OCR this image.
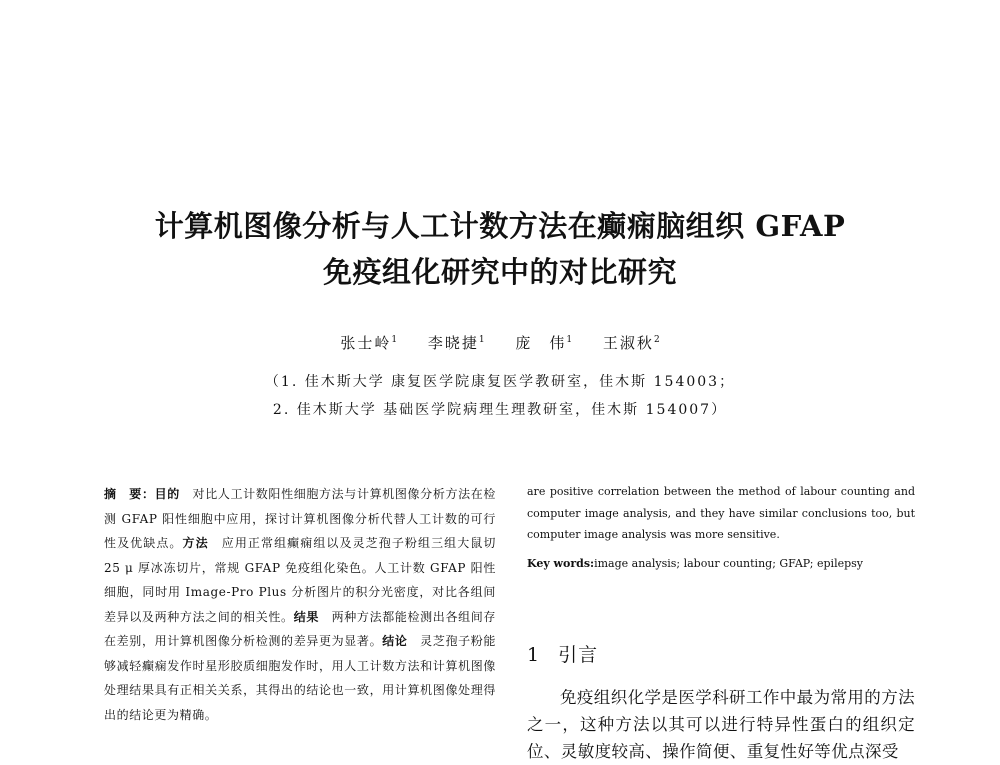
计算机图像分析与人工计数方法在癫痫脑组织 GFAP
免疫组化研究中的对比研究
张士岭$^1$ 李晓捷$^1$ 庞　伟$^1$ 王淑秋$^2$
（1. 佳木斯大学 康复医学院康复医学教研室，佳木斯 154003；
2. 佳木斯大学 基础医学院病理生理教研室，佳木斯 154007）
摘　要：目的　 对比人工计数阳性细胞方法与计算机图像分析方法在检测 GFAP 阳性细胞中应用，探讨计算机图像分析代替人工计数的可行性及优缺点。方法　 应用正常组癫痫组以及灵芝孢子粉组三组大鼠切 25 μ 厚冰冻切片，常规 GFAP 免疫组化染色。人工计数 GFAP 阳性细胞，同时用 Image-Pro Plus 分析图片的积分光密度，对比各组间差异以及两种方法之间的相关性。结果　 两种方法都能检测出各组间存在差别，用计算机图像分析检测的差异更为显著。结论　 灵芝孢子粉能够减轻癫痫发作时星形胶质细胞发作时，用人工计数方法和计算机图像处理结果具有正相关关系，其得出的结论也一致，用计算机图像处理得出的结论更为精确。
are positive correlation between the method of labour counting and computer image analysis, and they have similar conclusions too, but computer image analysis was more sensitive.
Key words:image analysis; labour counting; GFAP; epilepsy
1 引言
免疫组织化学是医学科研工作中最为常用的方法之一，这种方法以其可以进行特异性蛋白的组织定位、灵敏度较高、操作简便、重复性好等优点深受
